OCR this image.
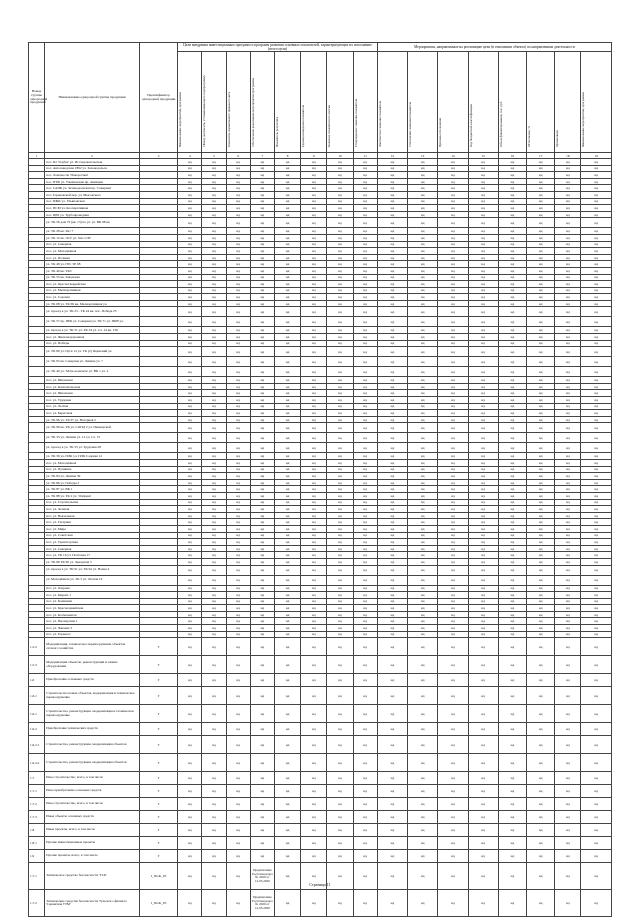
Номер группы однородной продукции	Наименование однородной группы продукции	Идентификатор однородной продукции	Цели внедрения инвестиционных программ и программ развития основных показателей, характеризующих их исполнение (итого цели)								Мероприятия, направленные на реализацию цели (в отношении объекта) по направлениям деятельности							
			Наименование мероприятия, программы	Номер документа, устанавливающего подпрограмму	Реквизиты нормативного правового акта	Обеспечение реализации мероприятия программы	Показатель результата	Единица измерения показателя	Значение показателя по итогам	Утвержденное значение показателя	Фактическое значение показателя	Отклонение значения показателя	Причины отклонения	Код бюджетной классификации	Объем финансирования, тыс. руб.	Исполнение, %	Примечание	Наименование мероприятия, программы
1	2	3	4	5	6	7	8	9	10	11	12	13	14	15	16	17	18	19
	пос. Пл 'Горбач' ул. Исследовательская		нд	нд	нд	нд	нд	нд	нд	нд	нд	нд	нд	нд	нд	нд	нд	нд
	пос. Автозаводская 1892 ул. Зеленодольск		нд	нд	нд	нд	нд	нд	нд	нд	нд	нд	нд	нд	нд	нд	нд	нд
	пос. Ломоносов 'Поворотная'		нд	нд	нд	нд	нд	нд	нд	нд	нд	нд	нд	нд	нд	нд	нд	нд
	пос. ПТФ ул. Ульяновская пр. Авиации		нд	нд	нд	нд	нд	нд	нд	нд	нд	нд	нд	нд	нд	нд	нд	нд
	пос. САПК ул. Зеленодольская пр. 'Северная'		нд	нд	нд	нд	нд	нд	нд	нд	нд	нд	нд	нд	нд	нд	нд	нд
	пос. Горьковской пер. ул. Мысовского		нд	нд	нд	нд	нд	нд	нд	нд	нд	нд	нд	нд	нд	нд	нд	нд
	пос. ПЖК ул. Ульяновская		нд	нд	нд	нд	нд	нд	нд	нд	нд	нд	нд	нд	нд	нд	нд	нд
	пос. ПСМ ул. Кооперативная		нд	нд	нд	нд	нд	нд	нд	нд	нд	нд	нд	нд	нд	нд	нд	нд
	пос. ЦРЛ ул. Трубопроводная		нд	нд	нд	нд	нд	нд	нд	нд	нд	нд	нд	нд	нд	нд	нд	нд
	ул. ТК 56 дом 72 (кв. 13) по ул. ул. ВК 98 кв		нд	нд	нд	нд	нд	нд	нд	нд	нд	нд	нд	нд	нд	нд	нд	нд
	ул. ТК 28 кв. Тит 7		нд	нд	нд	нд	нд	нд	нд	нд	нд	нд	нд	нд	нд	нд	нд	нд
	ул. ТК 12 кв. ЭСТ ул. Зап. СЛТ		нд	нд	нд	нд	нд	нд	нд	нд	нд	нд	нд	нд	нд	нд	нд	нд
	пос. ул. Северная		нд	нд	нд	нд	нд	нд	нд	нд	нд	нд	нд	нд	нд	нд	нд	нд
	пос. ул. Молодёжная		нд	нд	нд	нд	нд	нд	нд	нд	нд	нд	нд	нд	нд	нд	нд	нд
	пос. ул. Полевая		нд	нд	нд	нд	нд	нд	нд	нд	нд	нд	нд	нд	нд	нд	нд	нд
	ул. ТК 48 ул. ГРС 5Е 98		нд	нд	нд	нд	нд	нд	нд	нд	нд	нд	нд	нд	нд	нд	нд	нд
	ул. ТК 49 кв. ТКЗ		нд	нд	нд	нд	нд	нд	нд	нд	нд	нд	нд	нд	нд	нд	нд	нд
	ул. ТК 55 кв. Заводская		нд	нд	нд	нд	нд	нд	нд	нд	нд	нд	нд	нд	нд	нд	нд	нд
	пос. ул. Красногвардейская		нд	нд	нд	нд	нд	нд	нд	нд	нд	нд	нд	нд	нд	нд	нд	нд
	пос. ул. Мелиоративная		нд	нд	нд	нд	нд	нд	нд	нд	нд	нд	нд	нд	нд	нд	нд	нд
	пос. ул. Садовая		нд	нд	нд	нд	нд	нд	нд	нд	нд	нд	нд	нд	нд	нд	нд	нд
	ул. ТК 68 ул. ТК 69 кв. Мелиоративная ул.		нд	нд	нд	нд	нд	нд	нд	нд	нд	нд	нд	нд	нд	нд	нд	нд
	ул. проезд к ул. ТК 23 - ТК 24 кв. пос. Победа 25		нд	нд	нд	нд	нд	нд	нд	нд	нд	нд	нд	нд	нд	нд	нд	нд
	ул. ТК 57 пр. ПРК ул. Северная ул. ТК 71 ул. ПКВ ул.		нд	нд	нд	нд	нд	нд	нд	нд	нд	нд	нд	нд	нд	нд	нд	нд
	ул. проезд к ул. ТК 31 ул. ТК 34 ул. Сл. 14 кв. 156		нд	нд	нд	нд	нд	нд	нд	нд	нд	нд	нд	нд	нд	нд	нд	нд
	пос. ул. Железнодорожная		нд	нд	нд	нд	нд	нд	нд	нд	нд	нд	нд	нд	нд	нд	нд	нд
	пос. ул. Победы		нд	нд	нд	нд	нд	нд	нд	нд	нд	нд	нд	нд	нд	нд	нд	нд
	ул. ТК 80 ул. Пуск 12 ул. ТК (2) Пермский ул.		нд	нд	нд	нд	нд	нд	нд	нд	нд	нд	нд	нд	нд	нд	нд	нд
	ул. ТК 93 кв. Северная ул. Ленина ул. 7		нд	нд	нд	нд	нд	нд	нд	нд	нд	нд	нд	нд	нд	нд	нд	нд
	ул. ТК 40 ул. 'Мать-и-мачеха' ул. ВК 1 ул. 2		нд	нд	нд	нд	нд	нд	нд	нд	нд	нд	нд	нд	нд	нд	нд	нд
	пос. ул. Школьная		нд	нд	нд	нд	нд	нд	нд	нд	нд	нд	нд	нд	нд	нд	нд	нд
	пос. ул. Комсомольская		нд	нд	нд	нд	нд	нд	нд	нд	нд	нд	нд	нд	нд	нд	нд	нд
	пос. ул. Школьная		нд	нд	нд	нд	нд	нд	нд	нд	нд	нд	нд	нд	нд	нд	нд	нд
	пос. ул. Трудовая		нд	нд	нд	нд	нд	нд	нд	нд	нд	нд	нд	нд	нд	нд	нд	нд
	пос. ул. Лесная		нд	нд	нд	нд	нд	нд	нд	нд	нд	нд	нд	нд	нд	нд	нд	нд
	пос. ул. Береговая		нд	нд	нд	нд	нд	нд	нд	нд	нд	нд	нд	нд	нд	нд	нд	нд
	ул. ТК 96 ул. ТК 97 ул. Нагорная 2		нд	нд	нд	нд	нд	нд	нд	нд	нд	нд	нд	нд	нд	нд	нд	нд
	ул. ТК 99 кв. ТК ул. СОПД 2 ул. Пионерской		нд	нд	нд	нд	нд	нд	нд	нд	нд	нд	нд	нд	нд	нд	нд	нд
	ул. ТК 33 ул. Ленина ул. 12 ул. Сл. 15		нд	нд	нд	нд	нд	нд	нд	нд	нд	нд	нд	нд	нд	нд	нд	нд
	ул. проезд к ул. ТК 35 ул. Трудовая 28		нд	нд	нд	нд	нд	нд	нд	нд	нд	нд	нд	нд	нд	нд	нд	нд
	ул. ТК 36 ул. ПЛК ул. ПЛК Садовая 12		нд	нд	нд	нд	нд	нд	нд	нд	нд	нд	нд	нд	нд	нд	нд	нд
	пос. ул. Молодёжная		нд	нд	нд	нд	нд	нд	нд	нд	нд	нд	нд	нд	нд	нд	нд	нд
	пос. ул. Пушкина		нд	нд	нд	нд	нд	нд	нд	нд	нд	нд	нд	нд	нд	нд	нд	нд
	ул. ТК 84 ул. Ленина 39		нд	нд	нд	нд	нд	нд	нд	нд	нд	нд	нд	нд	нд	нд	нд	нд
	ул. ТК 86 ул. Победы 3		нд	нд	нд	нд	нд	нд	нд	нд	нд	нд	нд	нд	нд	нд	нд	нд
	ул. ТК 87 ул. ВК 1		нд	нд	нд	нд	нд	нд	нд	нд	нд	нд	нд	нд	нд	нд	нд	нд
	ул. ТК 88 ул. ТК 2 ул. 'Озёрная'		нд	нд	нд	нд	нд	нд	нд	нд	нд	нд	нд	нд	нд	нд	нд	нд
	пос. ул. Строительная		нд	нд	нд	нд	нд	нд	нд	нд	нд	нд	нд	нд	нд	нд	нд	нд
	пос. ул. Зеленая		нд	нд	нд	нд	нд	нд	нд	нд	нд	нд	нд	нд	нд	нд	нд	нд
	пос. ул. Вокзальная		нд	нд	нд	нд	нд	нд	нд	нд	нд	нд	нд	нд	нд	нд	нд	нд
	пос. ул. Гагарина		нд	нд	нд	нд	нд	нд	нд	нд	нд	нд	нд	нд	нд	нд	нд	нд
	пос. ул. Мира		нд	нд	нд	нд	нд	нд	нд	нд	нд	нд	нд	нд	нд	нд	нд	нд
	пос. ул. Советская		нд	нд	нд	нд	нд	нд	нд	нд	нд	нд	нд	нд	нд	нд	нд	нд
	пос. ул. Транспортная		нд	нд	нд	нд	нд	нд	нд	нд	нд	нд	нд	нд	нд	нд	нд	нд
	пос. ул. Северная		нд	нд	нд	нд	нд	нд	нд	нд	нд	нд	нд	нд	нд	нд	нд	нд
	пос. ул. ТК 16 ул. Почтовая 17		нд	нд	нд	нд	нд	нд	нд	нд	нд	нд	нд	нд	нд	нд	нд	нд
	ул. ТК 89 ТК 90 ул. Заводская 5		нд	нд	нд	нд	нд	нд	нд	нд	нд	нд	нд	нд	нд	нд	нд	нд
	ул. проезд к ул. ТК 91 ул. ТК 92 ул. Новая 4		нд	нд	нд	нд	нд	нд	нд	нд	нд	нд	нд	нд	нд	нд	нд	нд
	ул. Молодёжная ул. ТК 5 ул. Лесная 16		нд	нд	нд	нд	нд	нд	нд	нд	нд	нд	нд	нд	нд	нд	нд	нд
	пос. ул. Озерная		нд	нд	нд	нд	нд	нд	нд	нд	нд	нд	нд	нд	нд	нд	нд	нд
	пос. ул. Кирова 1		нд	нд	нд	нд	нд	нд	нд	нд	нд	нд	нд	нд	нд	нд	нд	нд
	пос. ул. Калинина		нд	нд	нд	нд	нд	нд	нд	нд	нд	нд	нд	нд	нд	нд	нд	нд
	пос. ул. Красноармейская		нд	нд	нд	нд	нд	нд	нд	нд	нд	нд	нд	нд	нд	нд	нд	нд
	пос. ул. Космонавтов		нд	нд	нд	нд	нд	нд	нд	нд	нд	нд	нд	нд	нд	нд	нд	нд
	пос. ул. Пионерская 1		нд	нд	нд	нд	нд	нд	нд	нд	нд	нд	нд	нд	нд	нд	нд	нд
	пос. ул. Чапаева 3		нд	нд	нд	нд	нд	нд	нд	нд	нд	нд	нд	нд	нд	нд	нд	нд
	пос. ул. Горького		нд	нд	нд	нд	нд	нд	нд	нд	нд	нд	нд	нд	нд	нд	нд	нд
1.5.2	Модернизация, техническое перевооружение объектов сетевого хозяйства	Г	нд	нд	нд	нд	нд	нд	нд	нд	нд	нд	нд	нд	нд	нд	нд	нд
1.5.3	Модернизация объектов, реконструкция и замена оборудования	Г	нд	нд	нд	нд	нд	нд	нд	нд	нд	нд	нд	нд	нд	нд	нд	нд
1.6	Приобретение основных средств	Г	нд	нд	нд	нд	нд	нд	нд	нд	нд	нд	нд	нд	нд	нд	нд	нд
1.6.1	Строительство новых объектов, модернизация и техническое перевооружение	Г	нд	нд	нд	нд	нд	нд	нд	нд	нд	нд	нд	нд	нд	нд	нд	нд
1.6.1	Строительство, реконструкция, модернизация и техническое перевооружение	Г	нд	нд	нд	нд	нд	нд	нд	нд	нд	нд	нд	нд	нд	нд	нд	нд
1.6.2	Приобретение технических средств	Г	нд	нд	нд	нд	нд	нд	нд	нд	нд	нд	нд	нд	нд	нд	нд	нд
1.6.2.1	Строительство, реконструкция, модернизация объектов	Г	нд	нд	нд	нд	нд	нд	нд	нд	нд	нд	нд	нд	нд	нд	нд	нд
1.6.2.2	Строительство, реконструкция, модернизация объектов	Г	нд	нд	нд	нд	нд	нд	нд	нд	нд	нд	нд	нд	нд	нд	нд	нд
1.7	Иное строительство, всего, в том числе	Г	нд	нд	нд	нд	нд	нд	нд	нд	нд	нд	нд	нд	нд	нд	нд	нд
1.7.1	Иное приобретение основных средств	Г	нд	нд	нд	нд	нд	нд	нд	нд	нд	нд	нд	нд	нд	нд	нд	нд
1.7.2	Иное строительство, всего, в том числе	Г	нд	нд	нд	нд	нд	нд	нд	нд	нд	нд	нд	нд	нд	нд	нд	нд
1.7.3	Иные объекты основных средств	Г	нд	нд	нд	нд	нд	нд	нд	нд	нд	нд	нд	нд	нд	нд	нд	нд
1.8	Иные проекты, всего, в том числе	Г	нд	нд	нд	нд	нд	нд	нд	нд	нд	нд	нд	нд	нд	нд	нд	нд
1.8.1	Прочие инвестиционные проекты	Г	нд	нд	нд	нд	нд	нд	нд	нд	нд	нд	нд	нд	нд	нд	нд	нд
1.9	Прочие проекты, всего, в том числе	Г	нд	нд	нд	нд	нд	нд	нд	нд	нд	нд	нд	нд	нд	нд	нд	нд
1.7.1	Техническое средство безопасности 'ТСБ'	J_NGK_05	нд	нд	нд	Предписание Ростехнадзора № 2020 от 12.05.2020	нд	нд	нд	нд	нд	нд	нд	нд	нд	нд	нд	нд
1.7.2	Технические средства безопасности Тульского филиала 'Сервисная ТТМ'	J_NGK_05	нд	нд	нд	Предписание Ростехнадзора № 2020 от 12.05.2020	нд	нд	нд	нд	нд	нд	нд	нд	нд	нд	нд	нд
Страница 11
